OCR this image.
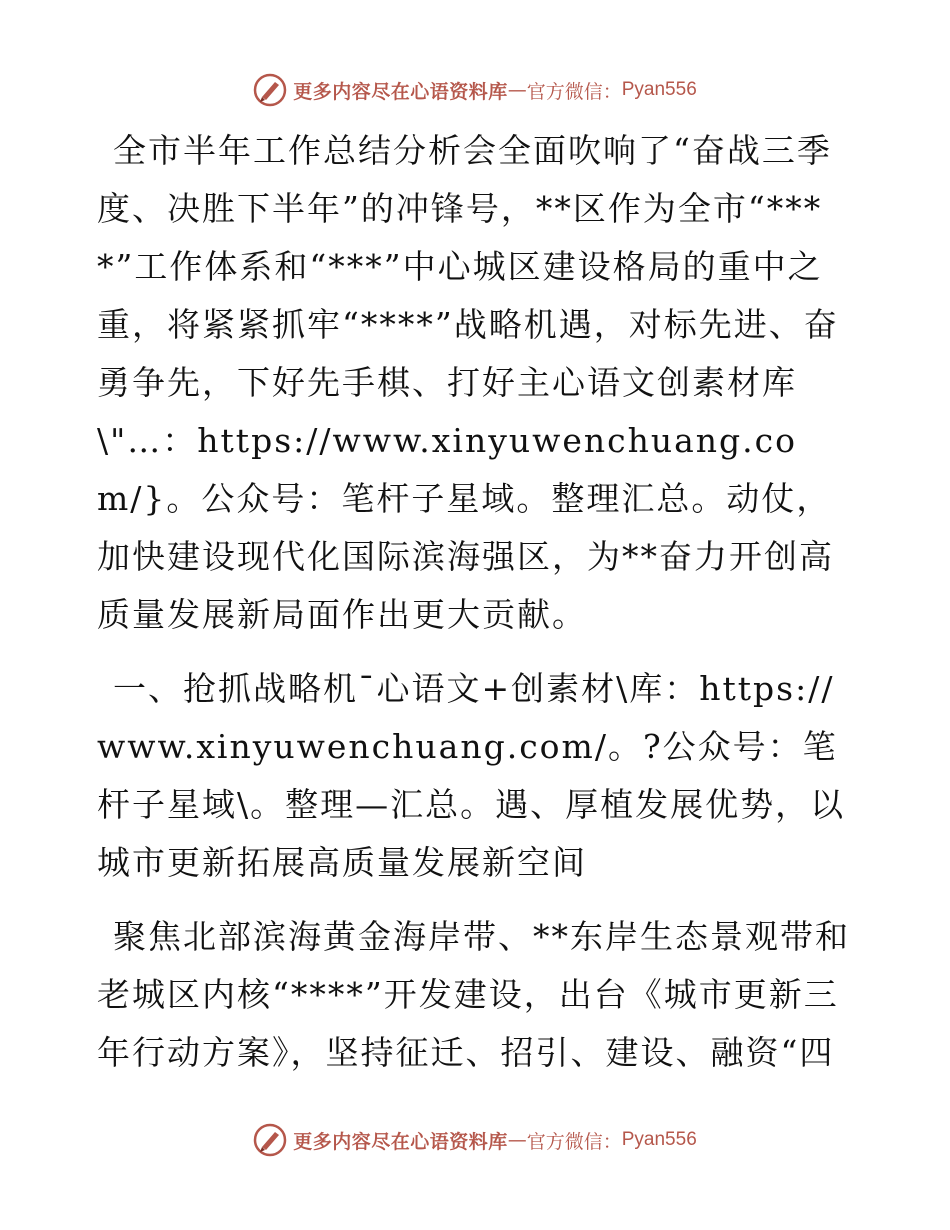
更多内容尽在心语资料库 — 官方微信： Pyan556

全市半年工作总结分析会全面吹响了“奋战三季度、决胜下半年”的冲锋号，**区作为全市“****”工作体系和“***”中心城区建设格局的重中之重，将紧紧抓牢“****”战略机遇，对标先进、奋勇争先，下好先手棋、打好主心语文创素材库\"…：https://www.xinyuwenchuang.com/}。公众号：笔杆子星域。整理汇总。动仗，加快建设现代化国际滨海强区，为**奋力开创高质量发展新局面作出更大贡献。

一、抢抓战略机¯心语文+创素材\库：https://www.xinyuwenchuang.com/。?公众号：笔杆子星域\。整理—汇总。遇、厚植发展优势，以城市更新拓展高质量发展新空间

聚焦北部滨海黄金海岸带、**东岸生态景观带和老城区内核“****”开发建设，出台《城市更新三年行动方案》，坚持征迁、招引、建设、融资“四

更多内容尽在心语资料库 — 官方微信： Pyan556
